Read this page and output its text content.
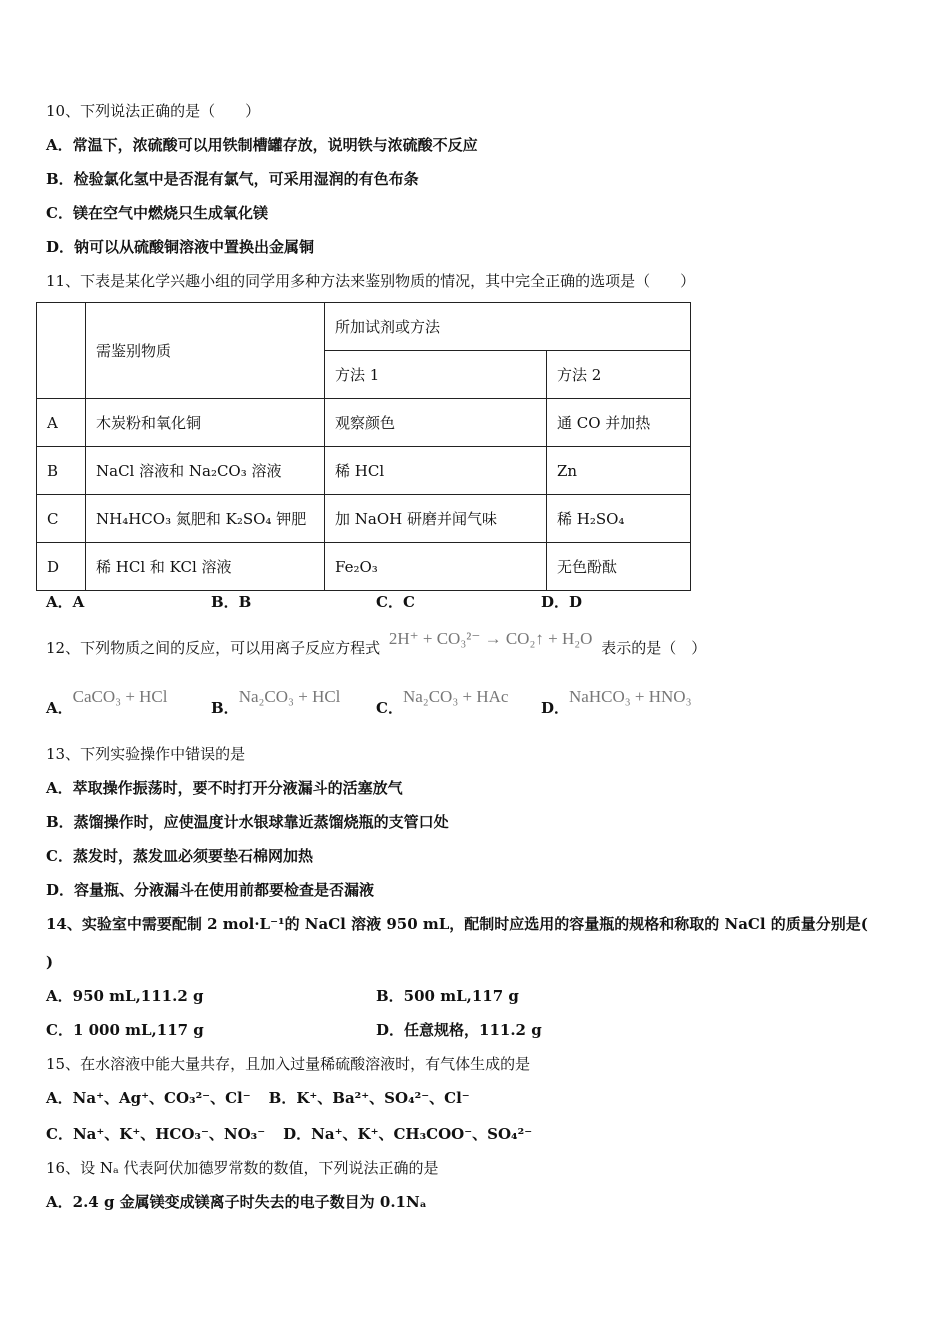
10、下列说法正确的是（　　）
A．常温下，浓硫酸可以用铁制槽罐存放，说明铁与浓硫酸不反应
B．检验氯化氢中是否混有氯气，可采用湿润的有色布条
C．镁在空气中燃烧只生成氧化镁
D．钠可以从硫酸铜溶液中置换出金属铜
11、下表是某化学兴趣小组的同学用多种方法来鉴别物质的情况，其中完全正确的选项是（　　）
	需鉴别物质	所加试剂或方法	
		方法 1	方法 2
A	木炭粉和氧化铜	观察颜色	通 CO 并加热
B	NaCl 溶液和 Na₂CO₃ 溶液	稀 HCl	Zn
C	NH₄HCO₃ 氮肥和 K₂SO₄ 钾肥	加 NaOH 研磨并闻气味	稀 H₂SO₄
D	稀 HCl 和 KCl 溶液	Fe₂O₃	无色酚酞
A．A	B．B	C．C	D．D
12、下列物质之间的反应，可以用离子反应方程式 2H⁺ + CO₃²⁻ → CO₂↑ + H₂O 表示的是（　）
A．CaCO₃ + HClB．Na₂CO₃ + HClC．Na₂CO₃ + HAcD．NaHCO₃ + HNO₃
13、下列实验操作中错误的是
A．萃取操作振荡时，要不时打开分液漏斗的活塞放气
B．蒸馏操作时，应使温度计水银球靠近蒸馏烧瓶的支管口处
C．蒸发时，蒸发皿必须要垫石棉网加热
D．容量瓶、分液漏斗在使用前都要检查是否漏液
14、实验室中需要配制 2 mol·L⁻¹的 NaCl 溶液 950 mL，配制时应选用的容量瓶的规格和称取的 NaCl 的质量分别是(
)
A．950 mL,111.2 g	B．500 mL,117 g
C．1 000 mL,117 g	D．任意规格，111.2 g
15、在水溶液中能大量共存，且加入过量稀硫酸溶液时，有气体生成的是
A．Na⁺、Ag⁺、CO₃²⁻、Cl⁻ B．K⁺、Ba²⁺、SO₄²⁻、Cl⁻
C．Na⁺、K⁺、HCO₃⁻、NO₃⁻ D．Na⁺、K⁺、CH₃COO⁻、SO₄²⁻
16、设 Nₐ 代表阿伏加德罗常数的数值，下列说法正确的是
A．2.4 g 金属镁变成镁离子时失去的电子数目为 0.1Nₐ
